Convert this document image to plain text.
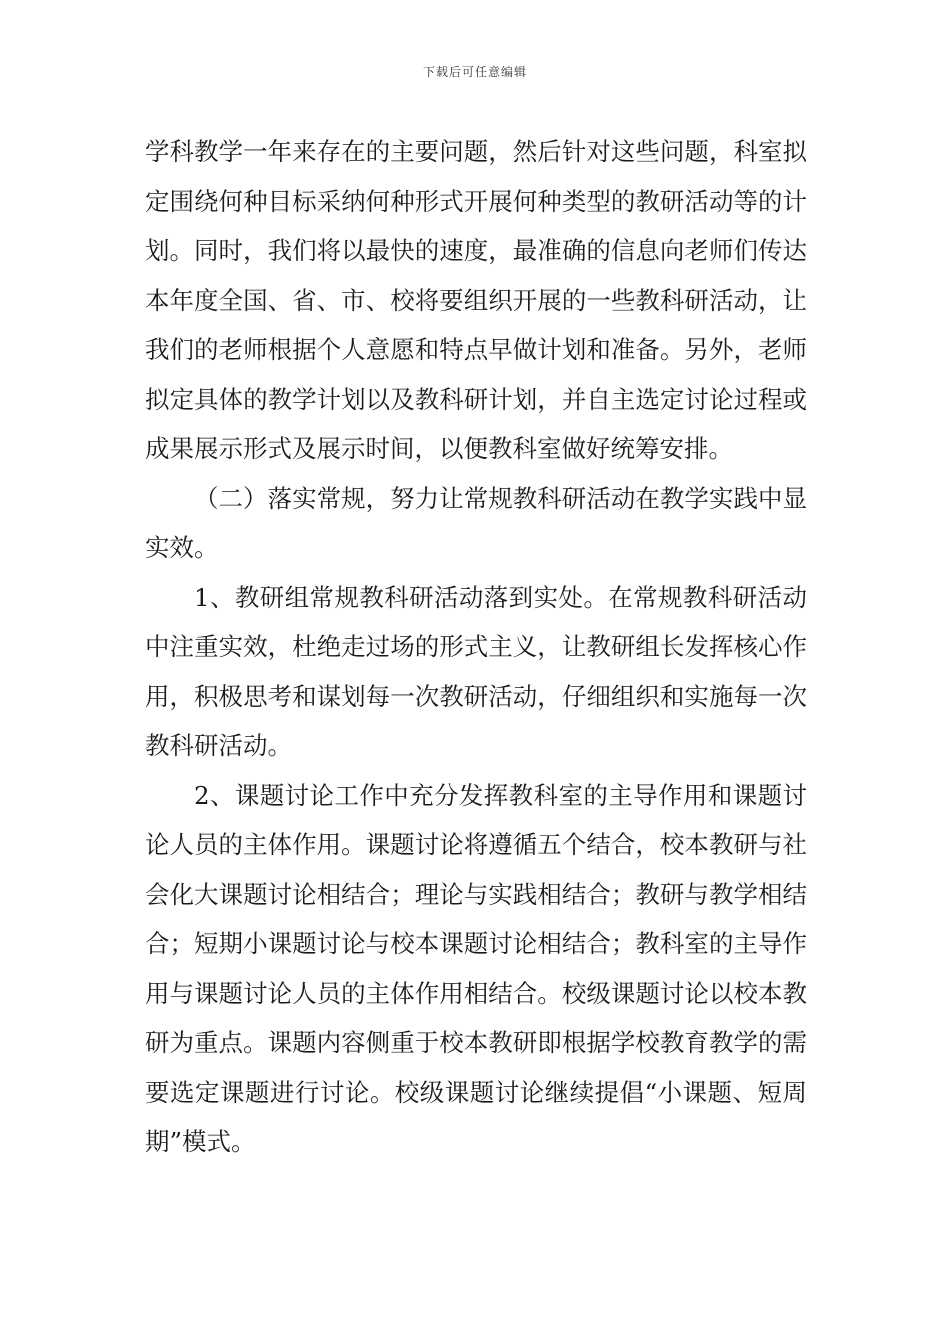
下载后可任意编辑

学科教学一年来存在的主要问题，然后针对这些问题，科室拟定围绕何种目标采纳何种形式开展何种类型的教研活动等的计划。同时，我们将以最快的速度，最准确的信息向老师们传达本年度全国、省、市、校将要组织开展的一些教科研活动，让我们的老师根据个人意愿和特点早做计划和准备。另外，老师拟定具体的教学计划以及教科研计划，并自主选定讨论过程或成果展示形式及展示时间，以便教科室做好统筹安排。

（二）落实常规，努力让常规教科研活动在教学实践中显实效。

1、教研组常规教科研活动落到实处。在常规教科研活动中注重实效，杜绝走过场的形式主义，让教研组长发挥核心作用，积极思考和谋划每一次教研活动，仔细组织和实施每一次教科研活动。

2、课题讨论工作中充分发挥教科室的主导作用和课题讨论人员的主体作用。课题讨论将遵循五个结合，校本教研与社会化大课题讨论相结合；理论与实践相结合；教研与教学相结合；短期小课题讨论与校本课题讨论相结合；教科室的主导作用与课题讨论人员的主体作用相结合。校级课题讨论以校本教研为重点。课题内容侧重于校本教研即根据学校教育教学的需要选定课题进行讨论。校级课题讨论继续提倡“小课题、短周期”模式。
